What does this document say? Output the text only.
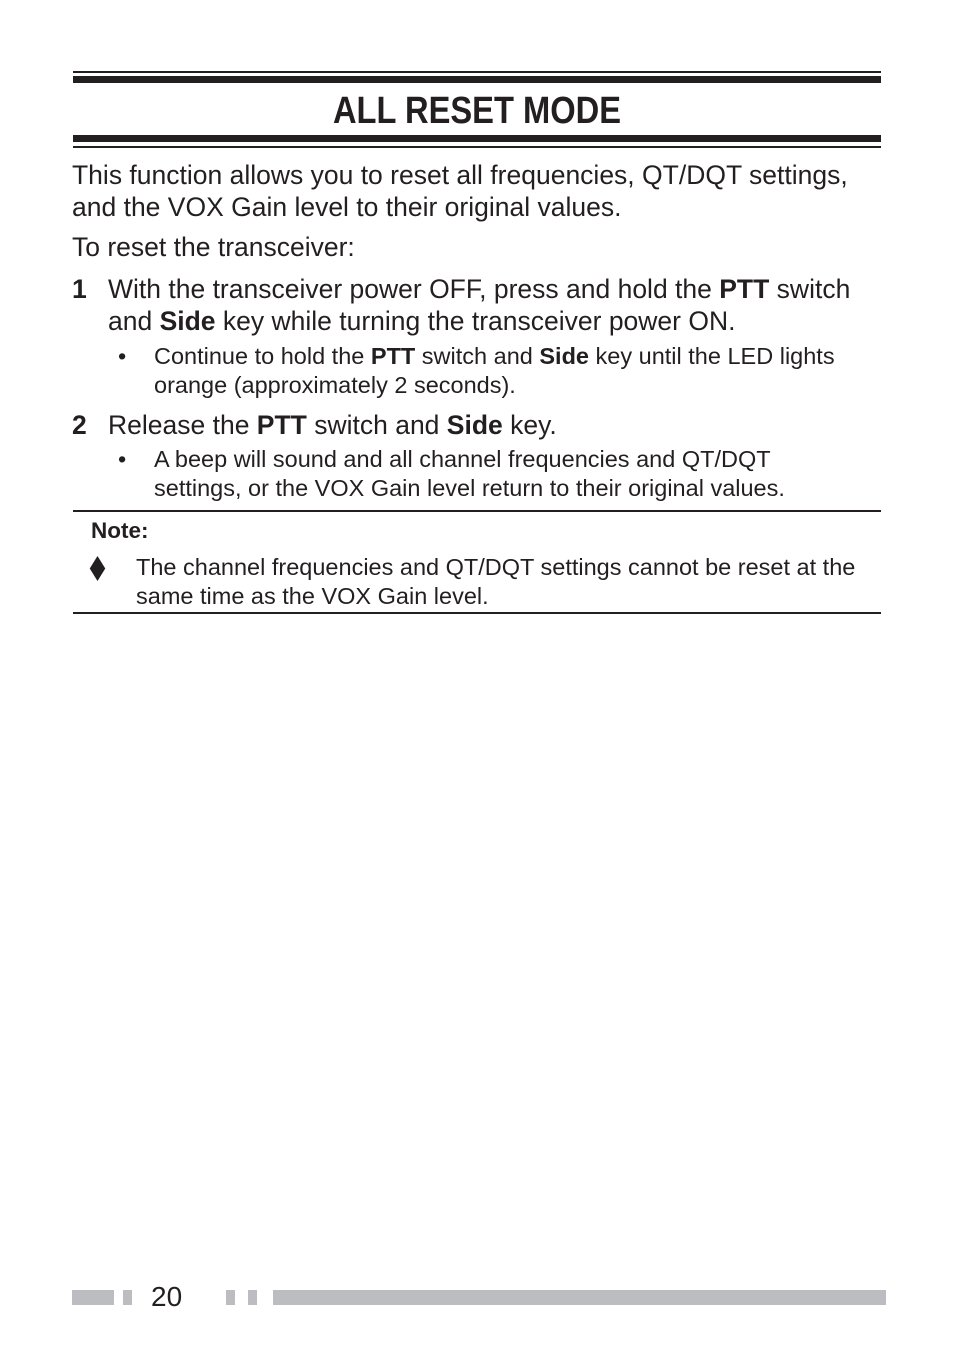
ALL RESET MODE

This function allows you to reset all frequencies, QT/DQT settings, and the VOX Gain level to their original values.

To reset the transceiver:

1 With the transceiver power OFF, press and hold the PTT switch and Side key while turning the transceiver power ON.
• Continue to hold the PTT switch and Side key until the LED lights orange (approximately 2 seconds).
2 Release the PTT switch and Side key.
• A beep will sound and all channel frequencies and QT/DQT settings, or the VOX Gain level return to their original values.
Note:
The channel frequencies and QT/DQT settings cannot be reset at the same time as the VOX Gain level.
20
